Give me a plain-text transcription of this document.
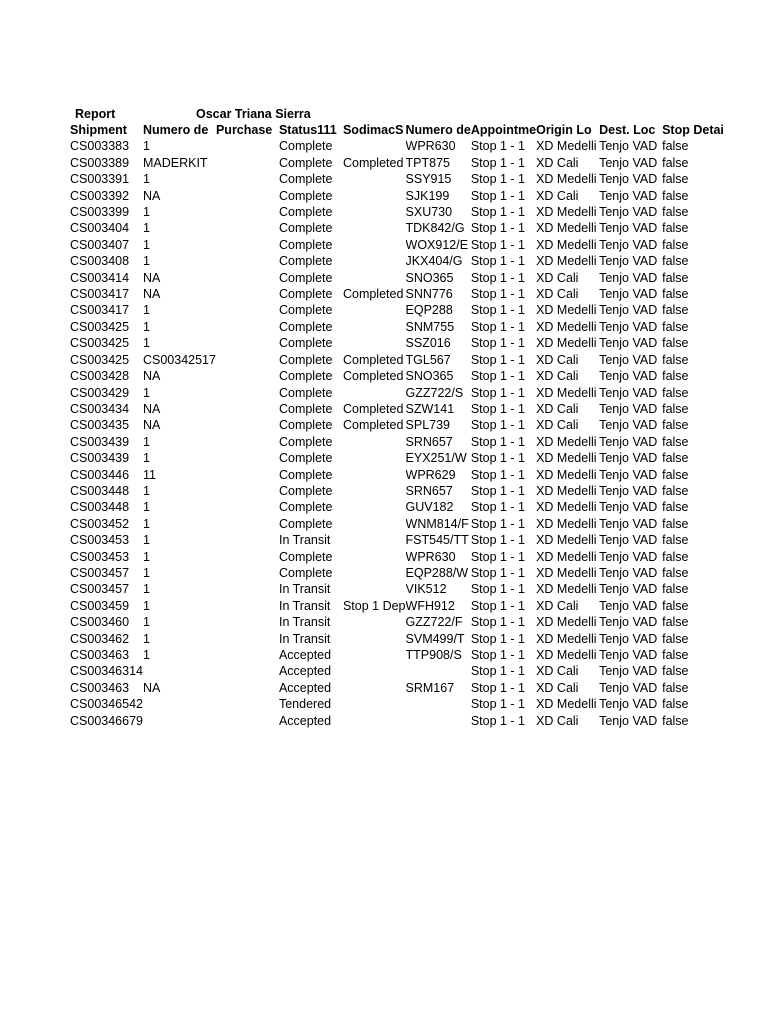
Report	Oscar Triana Sierra
Shipment	Numero de	Purchase	Status111	SodimacS	Numero de	Appointme	Origin Lo	Dest. Loc	Stop Detai
CS003383	1		Complete		WPR630	Stop 1 - 1	XD Medelli	Tenjo VAD	false
CS003389	MADERKIT		Complete	Completed	TPT875	Stop 1 - 1	XD Cali	Tenjo VAD	false
CS003391	1		Complete		SSY915	Stop 1 - 1	XD Medelli	Tenjo VAD	false
CS003392	NA		Complete		SJK199	Stop 1 - 1	XD Cali	Tenjo VAD	false
CS003399	1		Complete		SXU730	Stop 1 - 1	XD Medelli	Tenjo VAD	false
CS003404	1		Complete		TDK842/G	Stop 1 - 1	XD Medelli	Tenjo VAD	false
CS003407	1		Complete		WOX912/E	Stop 1 - 1	XD Medelli	Tenjo VAD	false
CS003408	1		Complete		JKX404/G	Stop 1 - 1	XD Medelli	Tenjo VAD	false
CS003414	NA		Complete		SNO365	Stop 1 - 1	XD Cali	Tenjo VAD	false
CS003417	NA		Complete	Completed	SNN776	Stop 1 - 1	XD Cali	Tenjo VAD	false
CS003417	1		Complete		EQP288	Stop 1 - 1	XD Medelli	Tenjo VAD	false
CS003425	1		Complete		SNM755	Stop 1 - 1	XD Medelli	Tenjo VAD	false
CS003425	1		Complete		SSZ016	Stop 1 - 1	XD Medelli	Tenjo VAD	false
CS003425	CS00342517		Complete	Completed	TGL567	Stop 1 - 1	XD Cali	Tenjo VAD	false
CS003428	NA		Complete	Completed	SNO365	Stop 1 - 1	XD Cali	Tenjo VAD	false
CS003429	1		Complete		GZZ722/S	Stop 1 - 1	XD Medelli	Tenjo VAD	false
CS003434	NA		Complete	Completed	SZW141	Stop 1 - 1	XD Cali	Tenjo VAD	false
CS003435	NA		Complete	Completed	SPL739	Stop 1 - 1	XD Cali	Tenjo VAD	false
CS003439	1		Complete		SRN657	Stop 1 - 1	XD Medelli	Tenjo VAD	false
CS003439	1		Complete		EYX251/W	Stop 1 - 1	XD Medelli	Tenjo VAD	false
CS003446	11		Complete		WPR629	Stop 1 - 1	XD Medelli	Tenjo VAD	false
CS003448	1		Complete		SRN657	Stop 1 - 1	XD Medelli	Tenjo VAD	false
CS003448	1		Complete		GUV182	Stop 1 - 1	XD Medelli	Tenjo VAD	false
CS003452	1		Complete		WNM814/F	Stop 1 - 1	XD Medelli	Tenjo VAD	false
CS003453	1		In Transit		FST545/TT	Stop 1 - 1	XD Medelli	Tenjo VAD	false
CS003453	1		Complete		WPR630	Stop 1 - 1	XD Medelli	Tenjo VAD	false
CS003457	1		Complete		EQP288/W	Stop 1 - 1	XD Medelli	Tenjo VAD	false
CS003457	1		In Transit		VIK512	Stop 1 - 1	XD Medelli	Tenjo VAD	false
CS003459	1		In Transit	Stop 1 Dep	WFH912	Stop 1 - 1	XD Cali	Tenjo VAD	false
CS003460	1		In Transit		GZZ722/F	Stop 1 - 1	XD Medelli	Tenjo VAD	false
CS003462	1		In Transit		SVM499/T	Stop 1 - 1	XD Medelli	Tenjo VAD	false
CS003463	1		Accepted		TTP908/S	Stop 1 - 1	XD Medelli	Tenjo VAD	false
CS00346314			Accepted			Stop 1 - 1	XD Cali	Tenjo VAD	false
CS003463	NA		Accepted		SRM167	Stop 1 - 1	XD Cali	Tenjo VAD	false
CS00346542			Tendered			Stop 1 - 1	XD Medelli	Tenjo VAD	false
CS00346679			Accepted			Stop 1 - 1	XD Cali	Tenjo VAD	false
